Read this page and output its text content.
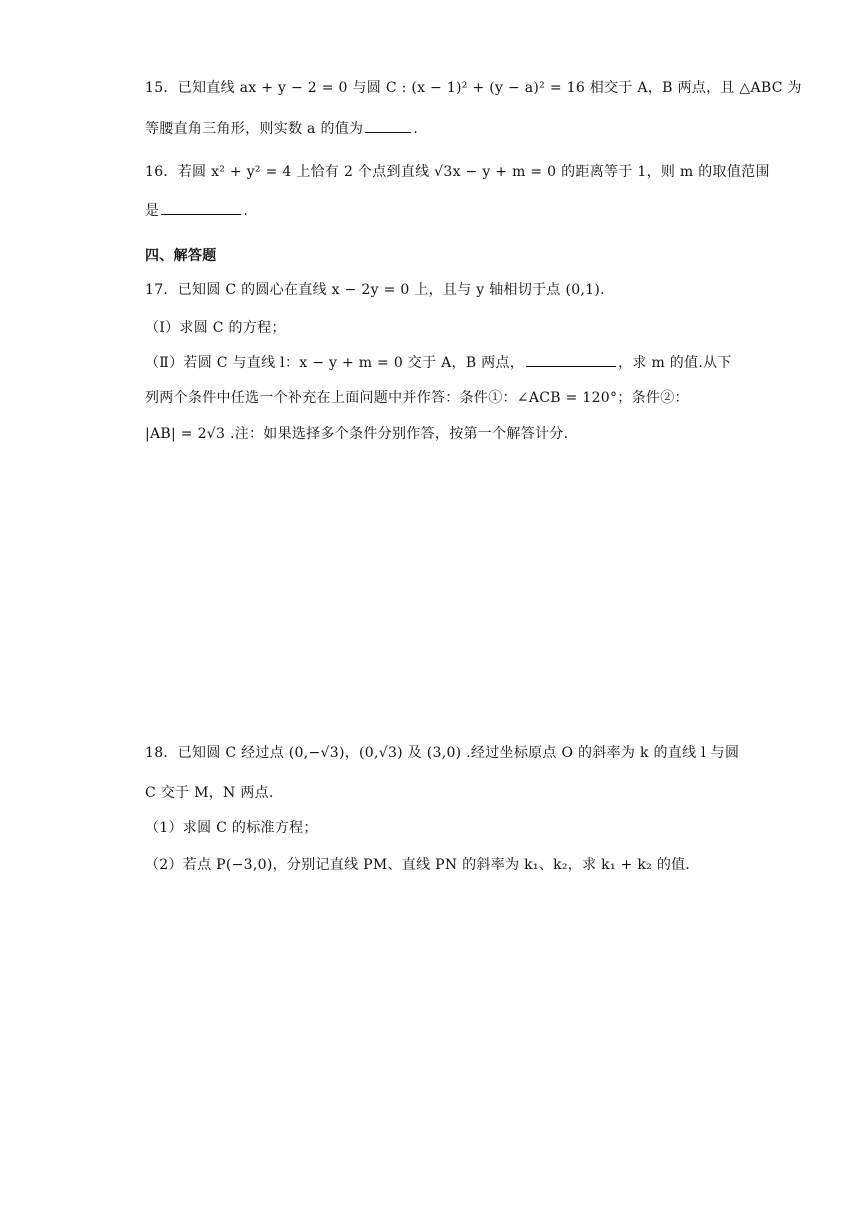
15．已知直线 ax + y − 2 = 0 与圆 C : (x − 1)² + (y − a)² = 16 相交于 A，B 两点，且 △ABC 为
等腰直角三角形，则实数 a 的值为	.
16．若圆 x² + y² = 4 上恰有 2 个点到直线 √3x − y + m = 0 的距离等于 1，则 m 的取值范围
是	.
四、解答题
17．已知圆 C 的圆心在直线 x − 2y = 0 上，且与 y 轴相切于点 (0,1)．
（Ⅰ）求圆 C 的方程；
（Ⅱ）若圆 C 与直线 l：x − y + m = 0 交于 A，B 两点，	，求 m 的值.从下
列两个条件中任选一个补充在上面问题中并作答：条件①：∠ACB = 120°；条件②：
|AB| = 2√3 .注：如果选择多个条件分别作答，按第一个解答计分.
18．已知圆 C 经过点 (0,−√3)，(0,√3) 及 (3,0) .经过坐标原点 O 的斜率为 k 的直线 l 与圆
C 交于 M，N 两点.
（1）求圆 C 的标准方程；
（2）若点 P(−3,0)，分别记直线 PM、直线 PN 的斜率为 k₁、k₂，求 k₁ + k₂ 的值.
